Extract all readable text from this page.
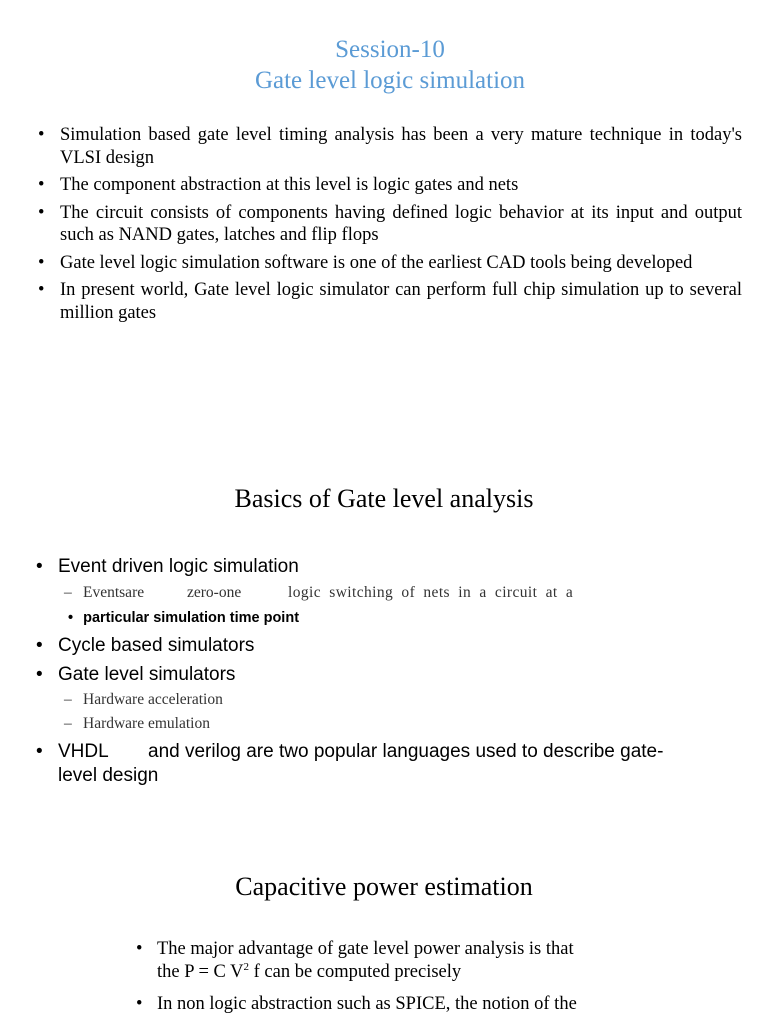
Session-10
Gate level logic simulation
• Simulation based gate level timing analysis has been a very mature technique in today's VLSI design
• The component abstraction at this level is logic gates and nets
• The circuit consists of components having defined logic behavior at its input and output such as NAND gates, latches and flip flops
• Gate level logic simulation software is one of the earliest CAD tools being developed
• In present world, Gate level logic simulator can perform full chip simulation up to several million gates
Basics of Gate level analysis
• Event driven logic simulation
– Eventsare	zero-one	logic switching of nets in a circuit at a
• particular simulation time point
• Cycle based simulators
• Gate level simulators
– Hardware acceleration
– Hardware emulation
• VHDL and verilog are two popular languages used to describe gate-
level design
Capacitive power estimation
• The major advantage of gate level power analysis is that
the P = C $V^2$ f can be computed precisely
• In non logic abstraction such as SPICE, the notion of the
